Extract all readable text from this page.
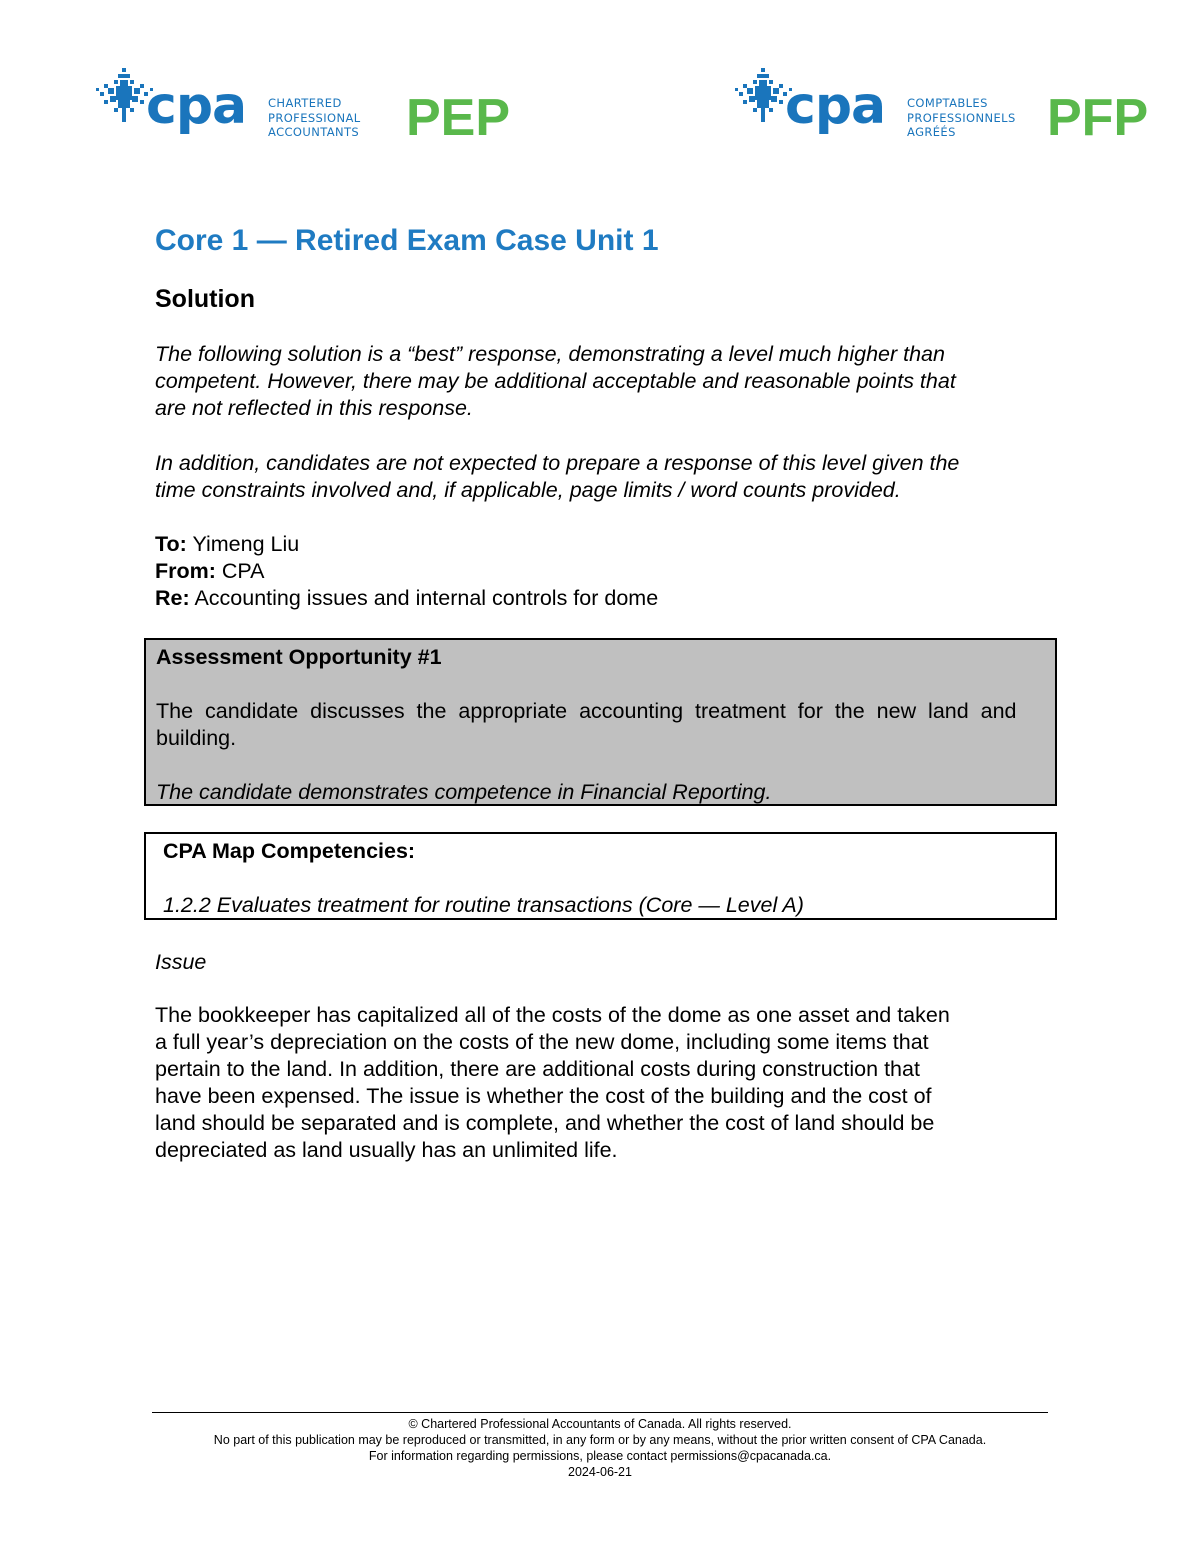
cpa CHARTERED
PROFESSIONAL
ACCOUNTANTS PEP	cpa COMPTABLES
PROFESSIONNELS
AGRÉÉS	PFP
Core 1 — Retired Exam Case Unit 1
Solution
The following solution is a “best” response, demonstrating a level much higher than
competent. However, there may be additional acceptable and reasonable points that
are not reflected in this response.
In addition, candidates are not expected to prepare a response of this level given the
time constraints involved and, if applicable, page limits / word counts provided.
To: Yimeng Liu
From: CPA
Re: Accounting issues and internal controls for dome
Assessment Opportunity #1
The  candidate  discusses  the  appropriate  accounting  treatment  for  the  new  land  and
building.
The candidate demonstrates competence in Financial Reporting.
CPA Map Competencies:
1.2.2 Evaluates treatment for routine transactions (Core — Level A)
Issue
The bookkeeper has capitalized all of the costs of the dome as one asset and taken
a full year’s depreciation on the costs of the new dome, including some items that
pertain to the land. In addition, there are additional costs during construction that
have been expensed. The issue is whether the cost of the building and the cost of
land should be separated and is complete, and whether the cost of land should be
depreciated as land usually has an unlimited life.
© Chartered Professional Accountants of Canada. All rights reserved.
No part of this publication may be reproduced or transmitted, in any form or by any means, without the prior written consent of CPA Canada.
For information regarding permissions, please contact permissions@cpacanada.ca.
2024-06-21
